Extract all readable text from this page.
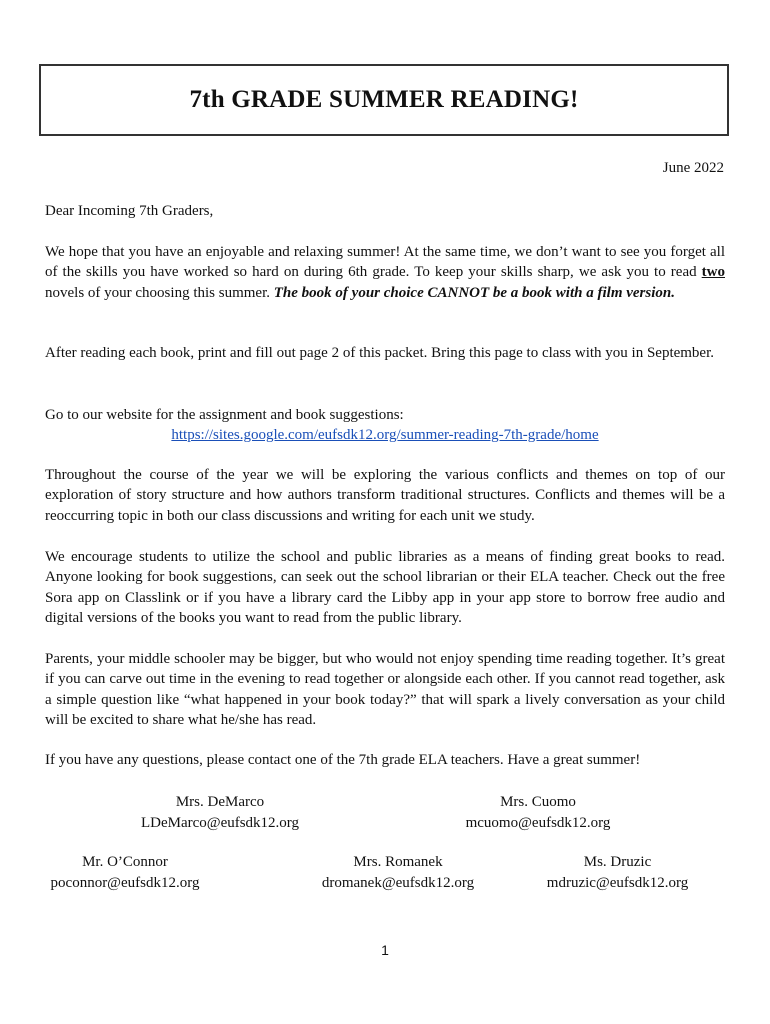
7th GRADE SUMMER READING!
June 2022

Dear Incoming 7th Graders,

We hope that you have an enjoyable and relaxing summer! At the same time, we don’t want to see you forget all of the skills you have worked so hard on during 6th grade. To keep your skills sharp, we ask you to read two novels of your choosing this summer. The book of your choice CANNOT be a book with a film version.

After reading each book, print and fill out page 2 of this packet. Bring this page to class with you in September.

Go to our website for the assignment and book suggestions:

https://sites.google.com/eufsdk12.org/summer-reading-7th-grade/home

Throughout the course of the year we will be exploring the various conflicts and themes on top of our exploration of story structure and how authors transform traditional structures. Conflicts and themes will be a reoccurring topic in both our class discussions and writing for each unit we study.

We encourage students to utilize the school and public libraries as a means of finding great books to read. Anyone looking for book suggestions, can seek out the school librarian or their ELA teacher. Check out the free Sora app on Classlink or if you have a library card the Libby app in your app store to borrow free audio and digital versions of the books you want to read from the public library.

Parents, your middle schooler may be bigger, but who would not enjoy spending time reading together. It’s great if you can carve out time in the evening to read together or alongside each other. If you cannot read together, ask a simple question like “what happened in your book today?” that will spark a lively conversation as your child will be excited to share what he/she has read.

If you have any questions, please contact one of the 7th grade ELA teachers. Have a great summer!

Mrs. DeMarco
LDeMarco@eufsdk12.org
Mrs. Cuomo
mcuomo@eufsdk12.org
Mr. O’Connor
poconnor@eufsdk12.org
Mrs. Romanek
dromanek@eufsdk12.org
Ms. Druzic
mdruzic@eufsdk12.org
1
